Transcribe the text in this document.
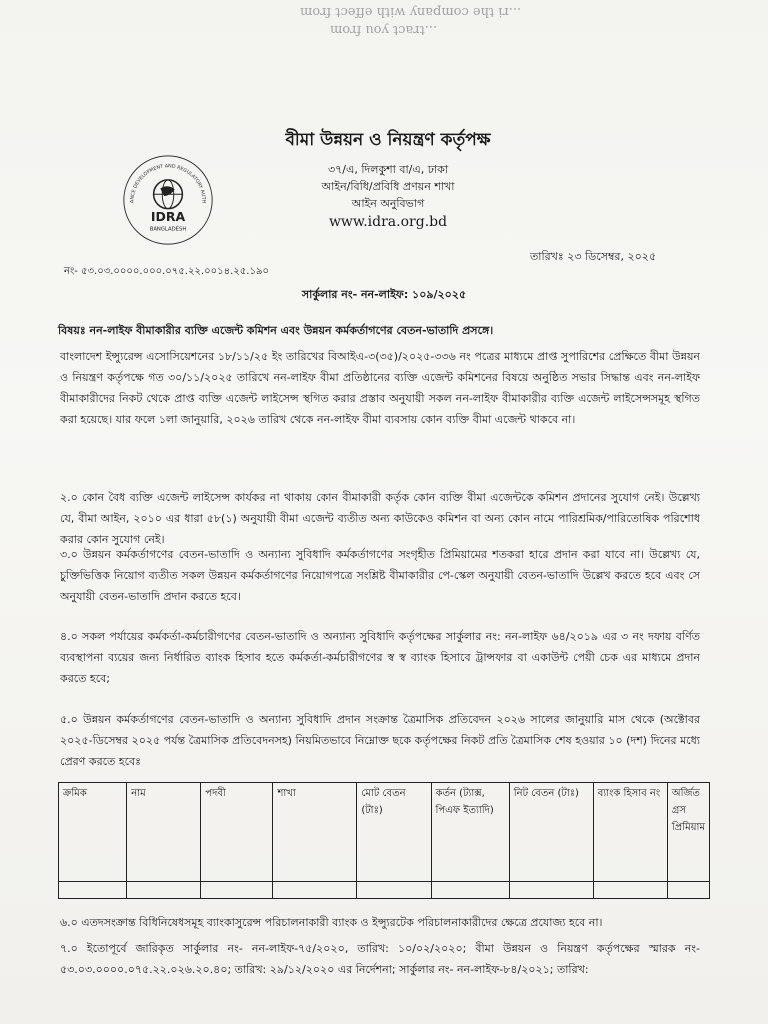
...ri the company with effect from
...tract you from
ANCE DEVELOPMENT AND REGULATORY AUTH
IDRA
BANGLADESH
বীমা উন্নয়ন ও নিয়ন্ত্রণ কর্তৃপক্ষ
৩৭/এ, দিলকুশা বা/এ, ঢাকা
আইন/বিধি/প্রবিধি প্রণয়ন শাখা
আইন অনুবিভাগ
www.idra.org.bd
তারিখঃ ২৩ ডিসেম্বর, ২০২৫
নং- ৫৩.০৩.০০০০.০০০.০৭৫.২২.০০১৪.২৫.১৯০
সার্কুলার নং- নন-লাইফ: ১০৯/২০২৫
বিষয়ঃ নন-লাইফ বীমাকারীর ব্যক্তি এজেন্ট কমিশন এবং উন্নয়ন কর্মকর্তাগণের বেতন-ভাতাদি প্রসঙ্গে।
বাংলাদেশ ইন্স্যুরেন্স এসোসিয়েশনের ১৮/১১/২৫ ইং তারিখের বিআইএ-৩(৩৫)/২০২৫-৩৩৬ নং পত্রের মাধ্যমে প্রাপ্ত সুপারিশের প্রেক্ষিতে বীমা উন্নয়ন ও নিয়ন্ত্রণ কর্তৃপক্ষে গত ৩০/১১/২০২৫ তারিখে নন-লাইফ বীমা প্রতিষ্ঠানের ব্যক্তি এজেন্ট কমিশনের বিষয়ে অনুষ্ঠিত সভার সিদ্ধান্ত এবং নন-লাইফ বীমাকারীদের নিকট থেকে প্রাপ্ত ব্যক্তি এজেন্ট লাইসেন্স স্থগিত করার প্রস্তাব অনুযায়ী সকল নন-লাইফ বীমাকারীর ব্যক্তি এজেন্ট লাইসেন্সসমূহ স্থগিত করা হয়েছে। যার ফলে ১লা জানুয়ারি, ২০২৬ তারিখ থেকে নন-লাইফ বীমা ব্যবসায় কোন ব্যক্তি বীমা এজেন্ট থাকবে না।
২.০ কোন বৈধ ব্যক্তি এজেন্ট লাইসেন্স কার্যকর না থাকায় কোন বীমাকারী কর্তৃক কোন ব্যক্তি বীমা এজেন্টকে কমিশন প্রদানের সুযোগ নেই। উল্লেখ্য যে, বীমা আইন, ২০১০ এর ধারা ৫৮(১) অনুযায়ী বীমা এজেন্ট ব্যতীত অন্য কাউকেও কমিশন বা অন্য কোন নামে পারিশ্রমিক/পারিতোষিক পরিশোধ করার কোন সুযোগ নেই।
৩.০ উন্নয়ন কর্মকর্তাগণের বেতন-ভাতাদি ও অন্যান্য সুবিধাদি কর্মকর্তাগণের সংগৃহীত প্রিমিয়ামের শতকরা হারে প্রদান করা যাবে না। উল্লেখ্য যে, চুক্তিভিত্তিক নিয়োগ ব্যতীত সকল উন্নয়ন কর্মকর্তাগণের নিয়োগপত্রে সংশ্লিষ্ট বীমাকারীর পে-স্কেল অনুযায়ী বেতন-ভাতাদি উল্লেখ করতে হবে এবং সে অনুযায়ী বেতন-ভাতাদি প্রদান করতে হবে।
৪.০ সকল পর্যায়ের কর্মকর্তা-কর্মচারীগণের বেতন-ভাতাদি ও অন্যান্য সুবিধাদি কর্তৃপক্ষের সার্কুলার নং: নন-লাইফ ৬৪/২০১৯ এর ৩ নং দফায় বর্ণিত ব্যবস্থাপনা ব্যয়ের জন্য নির্ধারিত ব্যাংক হিসাব হতে কর্মকর্তা-কর্মচারীগণের স্ব স্ব ব্যাংক হিসাবে ট্রান্সফার বা একাউন্ট পেয়ী চেক এর মাধ্যমে প্রদান করতে হবে;
৫.০ উন্নয়ন কর্মকর্তাগণের বেতন-ভাতাদি ও অন্যান্য সুবিধাদি প্রদান সংক্রান্ত ত্রৈমাসিক প্রতিবেদন ২০২৬ সালের জানুয়ারি মাস থেকে (অক্টোবর ২০২৫-ডিসেম্বর ২০২৫ পর্যন্ত ত্রৈমাসিক প্রতিবেদনসহ) নিয়মিতভাবে নিম্নোক্ত ছকে কর্তৃপক্ষের নিকট প্রতি ত্রৈমাসিক শেষ হওয়ার ১০ (দশ) দিনের মধ্যে প্রেরণ করতে হবেঃ
ক্রমিক	নাম	পদবী	শাখা	মোট বেতন (টাঃ)	কর্তন (ট্যাক্স, পিএফ ইত্যাদি)	নিট বেতন (টাঃ)	ব্যাংক হিসাব নং	অর্জিত গ্রস প্রিমিয়াম

৬.০ এতদসংক্রান্ত বিধিনিষেধসমূহ ব্যাংকাসুরেন্স পরিচালনাকারী ব্যাংক ও ইন্স্যুরটেক পরিচালনাকারীদের ক্ষেত্রে প্রযোজ্য হবে না।
৭.০ ইতোপূর্বে জারিকৃত সার্কুলার নং- নন-লাইফ-৭৫/২০২০, তারিখ: ১০/০২/২০২০; বীমা উন্নয়ন ও নিয়ন্ত্রণ কর্তৃপক্ষের স্মারক নং- ৫৩.০৩.০০০০.০৭৫.২২.০২৬.২০.৪০; তারিখ: ২৯/১২/২০২০ এর নির্দেশনা; সার্কুলার নং- নন-লাইফ-৮৪/২০২১; তারিখ:
